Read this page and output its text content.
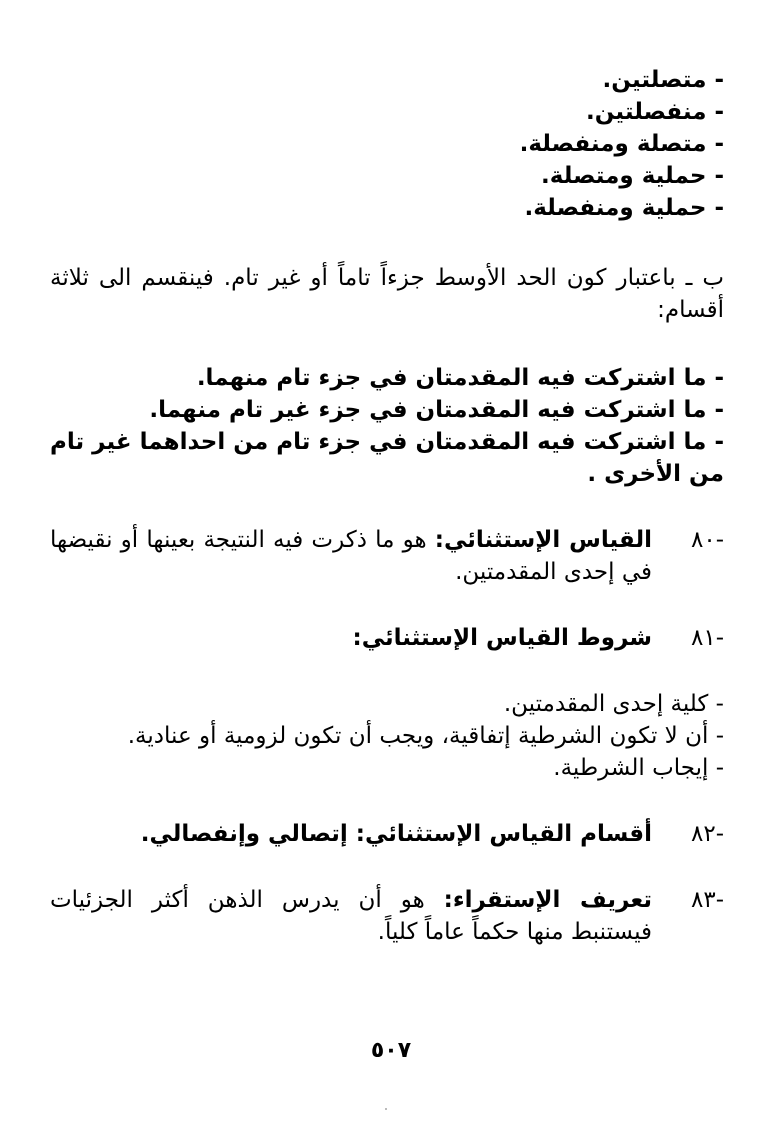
- متصلتين.
- منفصلتين.
- متصلة ومنفصلة.
- حملية ومتصلة.
- حملية ومنفصلة.
ب ـ باعتبار كون الحد الأوسط جزءاً تاماً أو غير تام. فينقسم الى ثلاثة أقسام:
- ما اشتركت فيه المقدمتان في جزء تام منهما.
- ما اشتركت فيه المقدمتان في جزء غير تام منهما.
- ما اشتركت فيه المقدمتان في جزء تام من احداهما غير تام من الأخرى .
-٨٠
القياس الإستثنائي: هو ما ذكرت فيه النتيجة بعينها أو نقيضها في إحدى المقدمتين.
-٨١
شروط القياس الإستثنائي:
- كلية إحدى المقدمتين.
- أن لا تكون الشرطية إتفاقية، ويجب أن تكون لزومية أو عنادية.
- إيجاب الشرطية.
-٨٢
أقسام القياس الإستثنائي: إتصالي وإنفصالي.
-٨٣
تعريف الإستقراء: هو أن يدرس الذهن أكثر الجزئيات فيستنبط منها حكماً عاماً كلياً.
٥٠٧
